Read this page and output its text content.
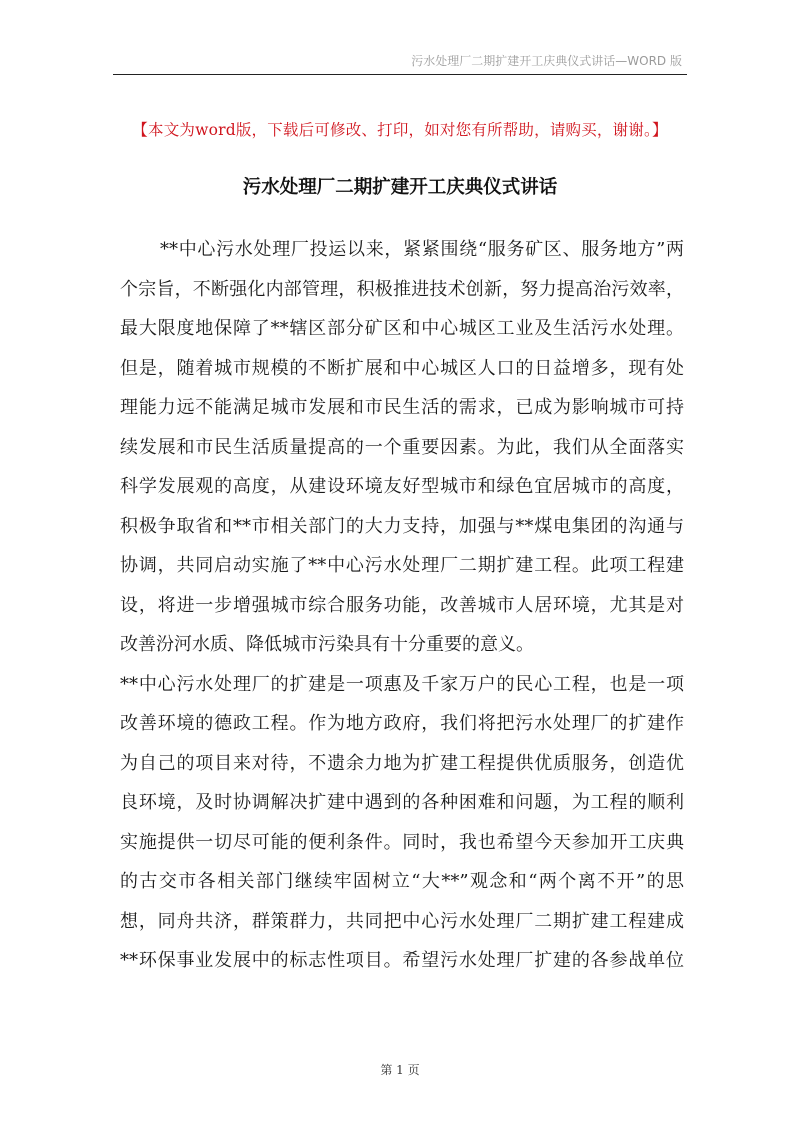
污水处理厂二期扩建开工庆典仪式讲话—WORD 版
【本文为word版，下载后可修改、打印，如对您有所帮助，请购买，谢谢。】
污水处理厂二期扩建开工庆典仪式讲话
**中心污水处理厂投运以来，紧紧围绕“服务矿区、服务地方”两
个宗旨，不断强化内部管理，积极推进技术创新，努力提高治污效率，
最大限度地保障了**辖区部分矿区和中心城区工业及生活污水处理。
但是，随着城市规模的不断扩展和中心城区人口的日益增多，现有处
理能力远不能满足城市发展和市民生活的需求，已成为影响城市可持
续发展和市民生活质量提高的一个重要因素。为此，我们从全面落实
科学发展观的高度，从建设环境友好型城市和绿色宜居城市的高度，
积极争取省和**市相关部门的大力支持，加强与**煤电集团的沟通与
协调，共同启动实施了**中心污水处理厂二期扩建工程。此项工程建
设，将进一步增强城市综合服务功能，改善城市人居环境，尤其是对
改善汾河水质、降低城市污染具有十分重要的意义。
**中心污水处理厂的扩建是一项惠及千家万户的民心工程，也是一项
改善环境的德政工程。作为地方政府，我们将把污水处理厂的扩建作
为自己的项目来对待，不遗余力地为扩建工程提供优质服务，创造优
良环境，及时协调解决扩建中遇到的各种困难和问题，为工程的顺利
实施提供一切尽可能的便利条件。同时，我也希望今天参加开工庆典
的古交市各相关部门继续牢固树立“大**”观念和“两个离不开”的思
想，同舟共济，群策群力，共同把中心污水处理厂二期扩建工程建成
**环保事业发展中的标志性项目。希望污水处理厂扩建的各参战单位
第 1 页
